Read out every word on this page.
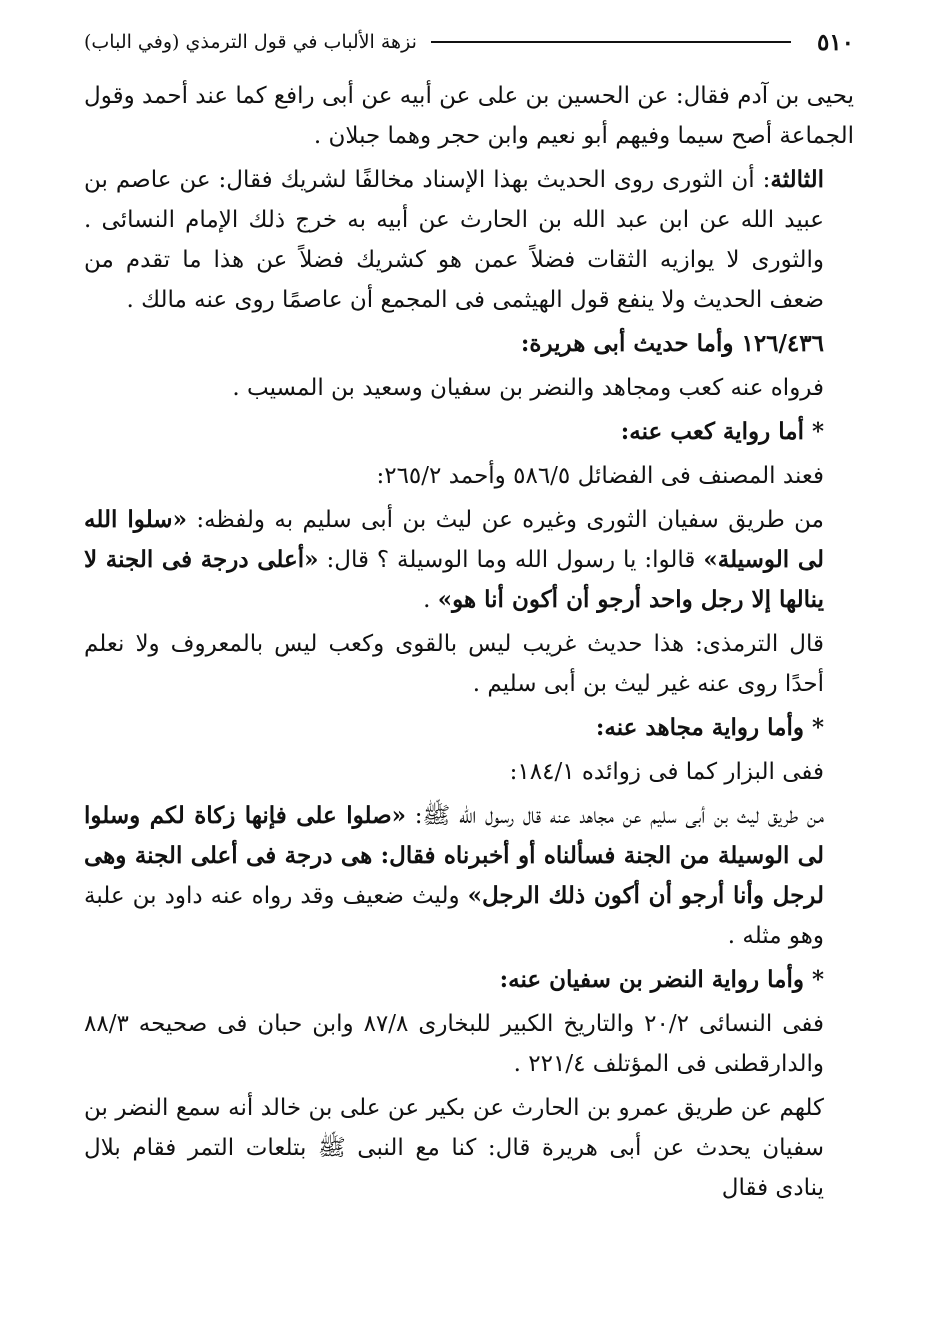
٥١٠
نزهة الألباب في قول الترمذي (وفي الباب)

يحيى بن آدم فقال: عن الحسين بن على عن أبيه عن أبى رافع كما عند أحمد وقول الجماعة أصح سيما وفيهم أبو نعيم وابن حجر وهما جبلان .

الثالثة: أن الثورى روى الحديث بهذا الإسناد مخالفًا لشريك فقال: عن عاصم بن عبيد الله عن ابن عبد الله بن الحارث عن أبيه به خرج ذلك الإمام النسائى . والثورى لا يوازيه الثقات فضلاً عمن هو كشريك فضلاً عن هذا ما تقدم من ضعف الحديث ولا ينفع قول الهيثمى فى المجمع أن عاصمًا روى عنه مالك .

١٢٦/٤٣٦ وأما حديث أبى هريرة:

فرواه عنه كعب ومجاهد والنضر بن سفيان وسعيد بن المسيب .

* أما رواية كعب عنه:

فعند المصنف فى الفضائل ٥٨٦/٥ وأحمد ٢٦٥/٢:

من طريق سفيان الثورى وغيره عن ليث بن أبى سليم به ولفظه: «سلوا الله لى الوسيلة» قالوا: يا رسول الله وما الوسيلة ؟ قال: «أعلى درجة فى الجنة لا ينالها إلا رجل واحد أرجو أن أكون أنا هو» .

قال الترمذى: هذا حديث غريب ليس بالقوى وكعب ليس بالمعروف ولا نعلم أحدًا روى عنه غير ليث بن أبى سليم .

* وأما رواية مجاهد عنه:

ففى البزار كما فى زوائده ١٨٤/١:

من طريق ليث بن أبى سليم عن مجاهد عنه قال رسول الله ﷺ: «صلوا على فإنها زكاة لكم وسلوا لى الوسيلة من الجنة فسألناه أو أخبرناه فقال: هى درجة فى أعلى الجنة وهى لرجل وأنا أرجو أن أكون ذلك الرجل» وليث ضعيف وقد رواه عنه داود بن علبة وهو مثله .

* وأما رواية النضر بن سفيان عنه:

ففى النسائى ٢٠/٢ والتاريخ الكبير للبخارى ٨٧/٨ وابن حبان فى صحيحه ٨٨/٣ والدارقطنى فى المؤتلف ٢٢١/٤ .

كلهم عن طريق عمرو بن الحارث عن بكير عن على بن خالد أنه سمع النضر بن سفيان يحدث عن أبى هريرة قال: كنا مع النبى ﷺ بتلعات التمر فقام بلال ينادى فقال
